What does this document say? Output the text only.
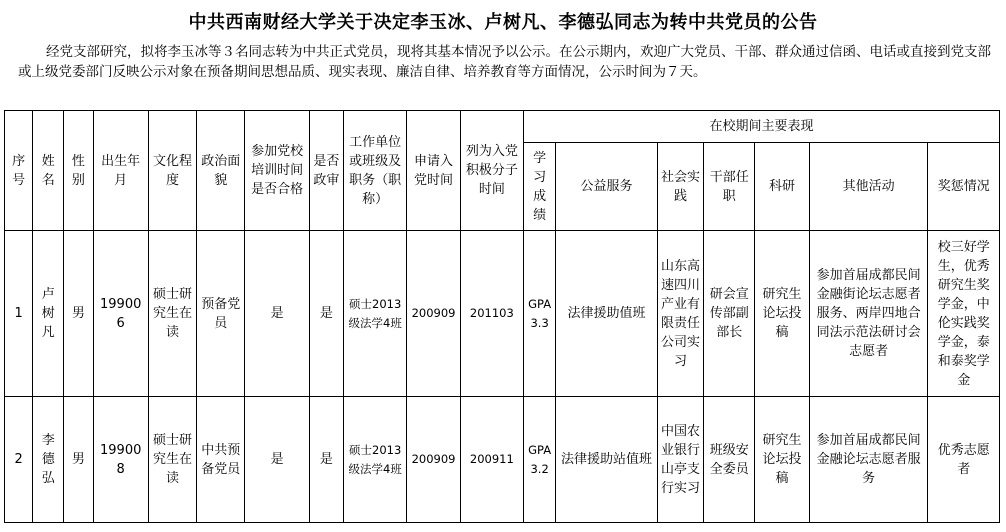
中共西南财经大学关于决定李玉冰、卢树凡、李德弘同志为转中共党员的公告
经党支部研究，拟将李玉冰等３名同志转为中共正式党员，现将其基本情况予以公示。在公示期内，欢迎广大党员、干部、群众通过信函、电话或直接到党支部或上级党委部门反映公示对象在预备期间思想品质、现实表现、廉洁自律、培养教育等方面情况，公示时间为７天。
序号	姓名	性别	出生年月	文化程度	政治面貌	参加党校培训时间是否合格	是否政审	工作单位或班级及职务（职称）	申请入党时间	列为入党积极分子时间	在校期间主要表现						
											学习成绩	公益服务	社会实践	干部任职	科研	其他活动	奖惩情况
1	卢树凡	男	199006	硕士研究生在读	预备党员	是	是	硕士2013级法学4班	200909	201103	GPA 3.3	法律援助值班	山东高速四川产业有限责任公司实习	研会宣传部副部长	研究生论坛投稿	参加首届成都民间金融街论坛志愿者服务、两岸四地合同法示范法研讨会志愿者	校三好学生，优秀研究生奖学金，中伦实践奖学金，泰和泰奖学金
2	李德弘	男	199008	硕士研究生在读	中共预备党员	是	是	硕士2013级法学4班	200909	200911	GPA 3.2	法律援助站值班	中国农业银行山亭支行实习	班级安全委员	研究生论坛投稿	参加首届成都民间金融论坛志愿者服务	优秀志愿者
